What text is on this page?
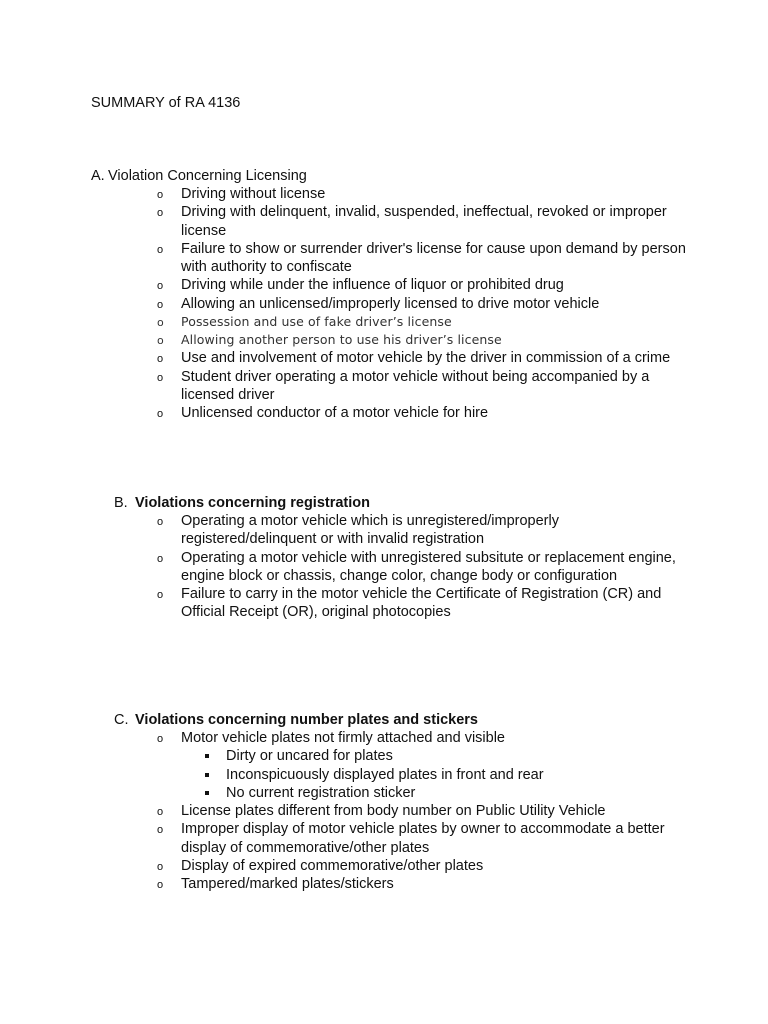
SUMMARY of RA 4136
A. Violation Concerning Licensing
o Driving without license
o Driving with delinquent, invalid, suspended, ineffectual, revoked or improper license
o Failure to show or surrender driver's license for cause upon demand by person with authority to confiscate
o Driving while under the influence of liquor or prohibited drug
o Allowing an unlicensed/improperly licensed to drive motor vehicle
o Possession and use of fake driver’s license
o Allowing another person to use his driver’s license
o Use and involvement of motor vehicle by the driver in commission of a crime
o Student driver operating a motor vehicle without being accompanied by a licensed driver
o Unlicensed conductor of a motor vehicle for hire
B. Violations concerning registration
o Operating a motor vehicle which is unregistered/improperly registered/delinquent or with invalid registration
o Operating a motor vehicle with unregistered subsitute or replacement engine, engine block or chassis, change color, change body or configuration
o Failure to carry in the motor vehicle the Certificate of Registration (CR) and Official Receipt (OR), original photocopies
C. Violations concerning number plates and stickers
o Motor vehicle plates not firmly attached and visible
Dirty or uncared for plates
Inconspicuously displayed plates in front and rear
No current registration sticker
o License plates different from body number on Public Utility Vehicle
o Improper display of motor vehicle plates by owner to accommodate a better display of commemorative/other plates
o Display of expired commemorative/other plates
o Tampered/marked plates/stickers
